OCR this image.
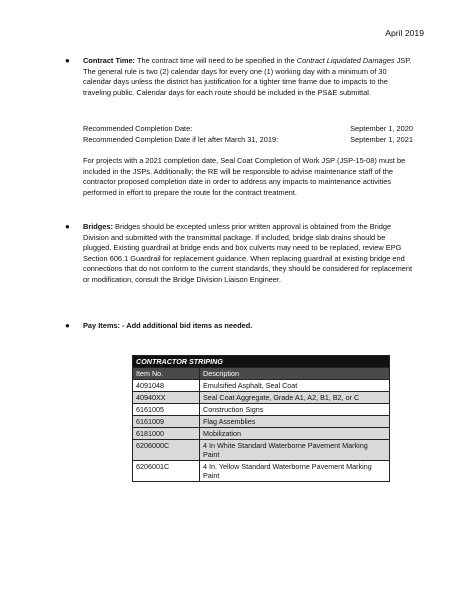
April 2019
● Contract Time: The contract time will need to be specified in the Contract Liquidated Damages JSP. The general rule is two (2) calendar days for every one (1) working day with a minimum of 30 calendar days unless the district has justification for a tighter time frame due to impacts to the traveling public. Calendar days for each route should be included in the PS&E submittal.
Recommended Completion Date:	September 1, 2020
Recommended Completion Date if let after March 31, 2019:	September 1, 2021
For projects with a 2021 completion date, Seal Coat Completion of Work JSP (JSP-15-08) must be included in the JSPs. Additionally; the RE will be responsible to advise maintenance staff of the contractor proposed completion date in order to address any impacts to maintenance activities performed in effort to prepare the route for the contract treatment.
● Bridges: Bridges should be excepted unless prior written approval is obtained from the Bridge Division and submitted with the transmittal package. If included, bridge slab drains should be plugged. Existing guardrail at bridge ends and box culverts may need to be replaced, review EPG Section 606.1 Guardrail for replacement guidance. When replacing guardrail at existing bridge end connections that do not conform to the current standards, they should be considered for replacement or modification, consult the Bridge Division Liaison Engineer.
● Pay Items: - Add additional bid items as needed.
CONTRACTOR STRIPING	
Item No.	Description
4091048	Emulsified Asphalt, Seal Coat
40940XX	Seal Coat Aggregate, Grade A1, A2, B1, B2, or C
6161005	Construction Signs
6161009	Flag Assemblies
6181000	Mobilization
6206000C	4 In White Standard Waterborne Pavement Marking Paint
6206001C	4 In. Yellow Standard Waterborne Pavement Marking Paint
